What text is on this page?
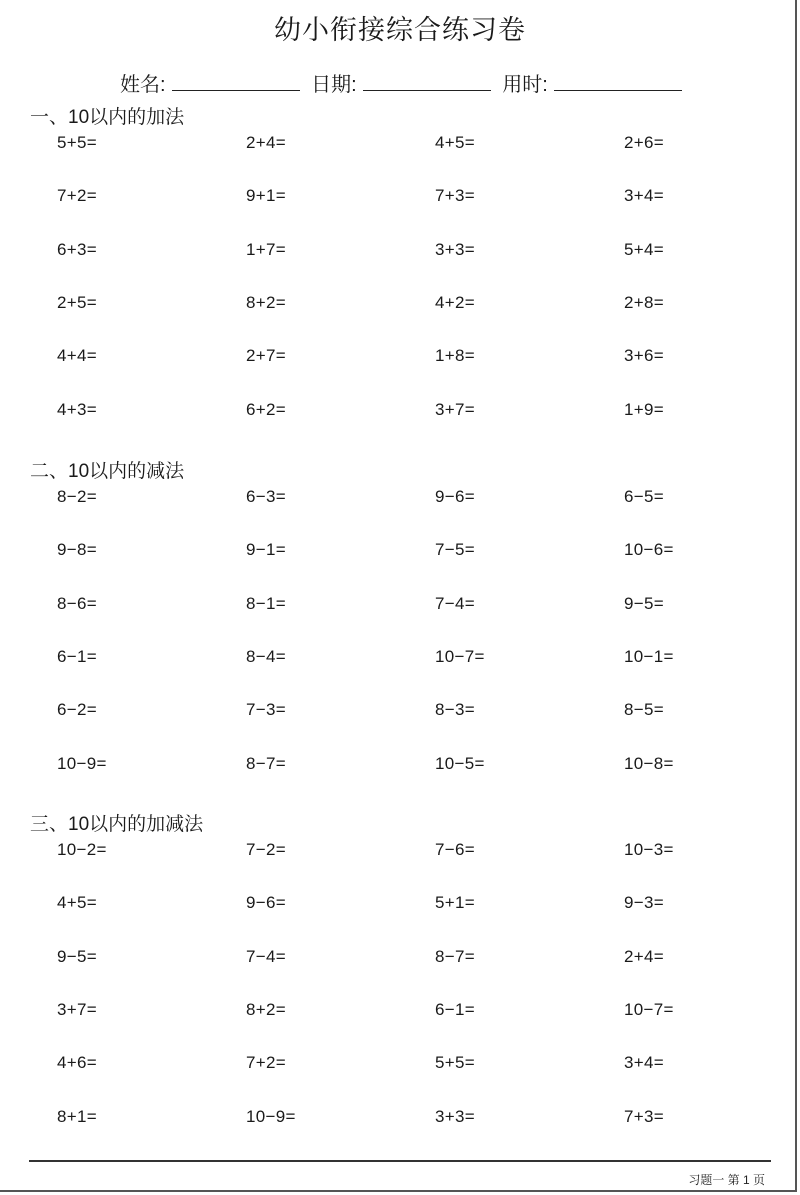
幼小衔接综合练习卷
姓名:	日期:	用时:
一、10以内的加法
5+5=	2+4=	4+5=	2+6=
7+2=	9+1=	7+3=	3+4=
6+3=	1+7=	3+3=	5+4=
2+5=	8+2=	4+2=	2+8=
4+4=	2+7=	1+8=	3+6=
4+3=	6+2=	3+7=	1+9=
二、10以内的减法
8−2=	6−3=	9−6=	6−5=
9−8=	9−1=	7−5=	10−6=
8−6=	8−1=	7−4=	9−5=
6−1=	8−4=	10−7=	10−1=
6−2=	7−3=	8−3=	8−5=
10−9=	8−7=	10−5=	10−8=
三、10以内的加减法
10−2=	7−2=	7−6=	10−3=
4+5=	9−6=	5+1=	9−3=
9−5=	7−4=	8−7=	2+4=
3+7=	8+2=	6−1=	10−7=
4+6=	7+2=	5+5=	3+4=
8+1=	10−9=	3+3=	7+3=
习题一 第 1 页
